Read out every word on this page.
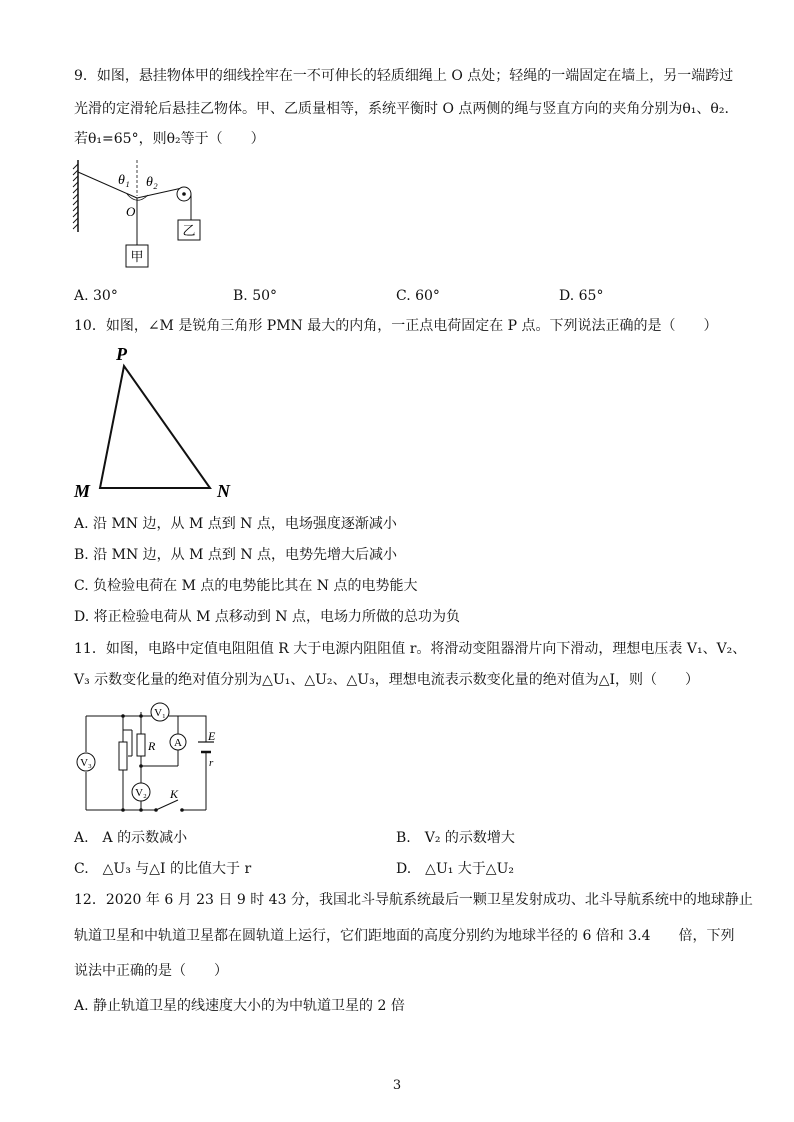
9．如图，悬挂物体甲的细线拴牢在一不可伸长的轻质细绳上 O 点处；轻绳的一端固定在墙上，另一端跨过
光滑的定滑轮后悬挂乙物体。甲、乙质量相等，系统平衡时 O 点两侧的绳与竖直方向的夹角分别为θ₁、θ₂.
若θ₁=65°，则θ₂等于（　　）
乙
甲
θ₁ θ₂
O
A. 30°	B. 50°	C. 60°	D. 65°
10．如图，∠M 是锐角三角形 PMN 最大的内角，一正点电荷固定在 P 点。下列说法正确的是（　　）
P
M	N
A. 沿 MN 边，从 M 点到 N 点，电场强度逐渐减小
B. 沿 MN 边，从 M 点到 N 点，电势先增大后减小
C. 负检验电荷在 M 点的电势能比其在 N 点的电势能大
D. 将正检验电荷从 M 点移动到 N 点，电场力所做的总功为负
11．如图，电路中定值电阻阻值 R 大于电源内阻阻值 r。将滑动变阻器滑片向下滑动，理想电压表 V₁、V₂、
V₃ 示数变化量的绝对值分别为△U₁、△U₂、△U₃，理想电流表示数变化量的绝对值为△I，则（　　）
V₁
A
V₃
V₂
R
E
r
K
A.　A 的示数减小	B.　V₂ 的示数增大
C.　△U₃ 与△I 的比值大于 r	D.　△U₁ 大于△U₂
12．2020 年 6 月 23 日 9 时 43 分，我国北斗导航系统最后一颗卫星发射成功、北斗导航系统中的地球静止
轨道卫星和中轨道卫星都在圆轨道上运行，它们距地面的高度分别约为地球半径的 6 倍和 3.4　　倍，下列
说法中正确的是（　　）
A. 静止轨道卫星的线速度大小的为中轨道卫星的 2 倍
3
